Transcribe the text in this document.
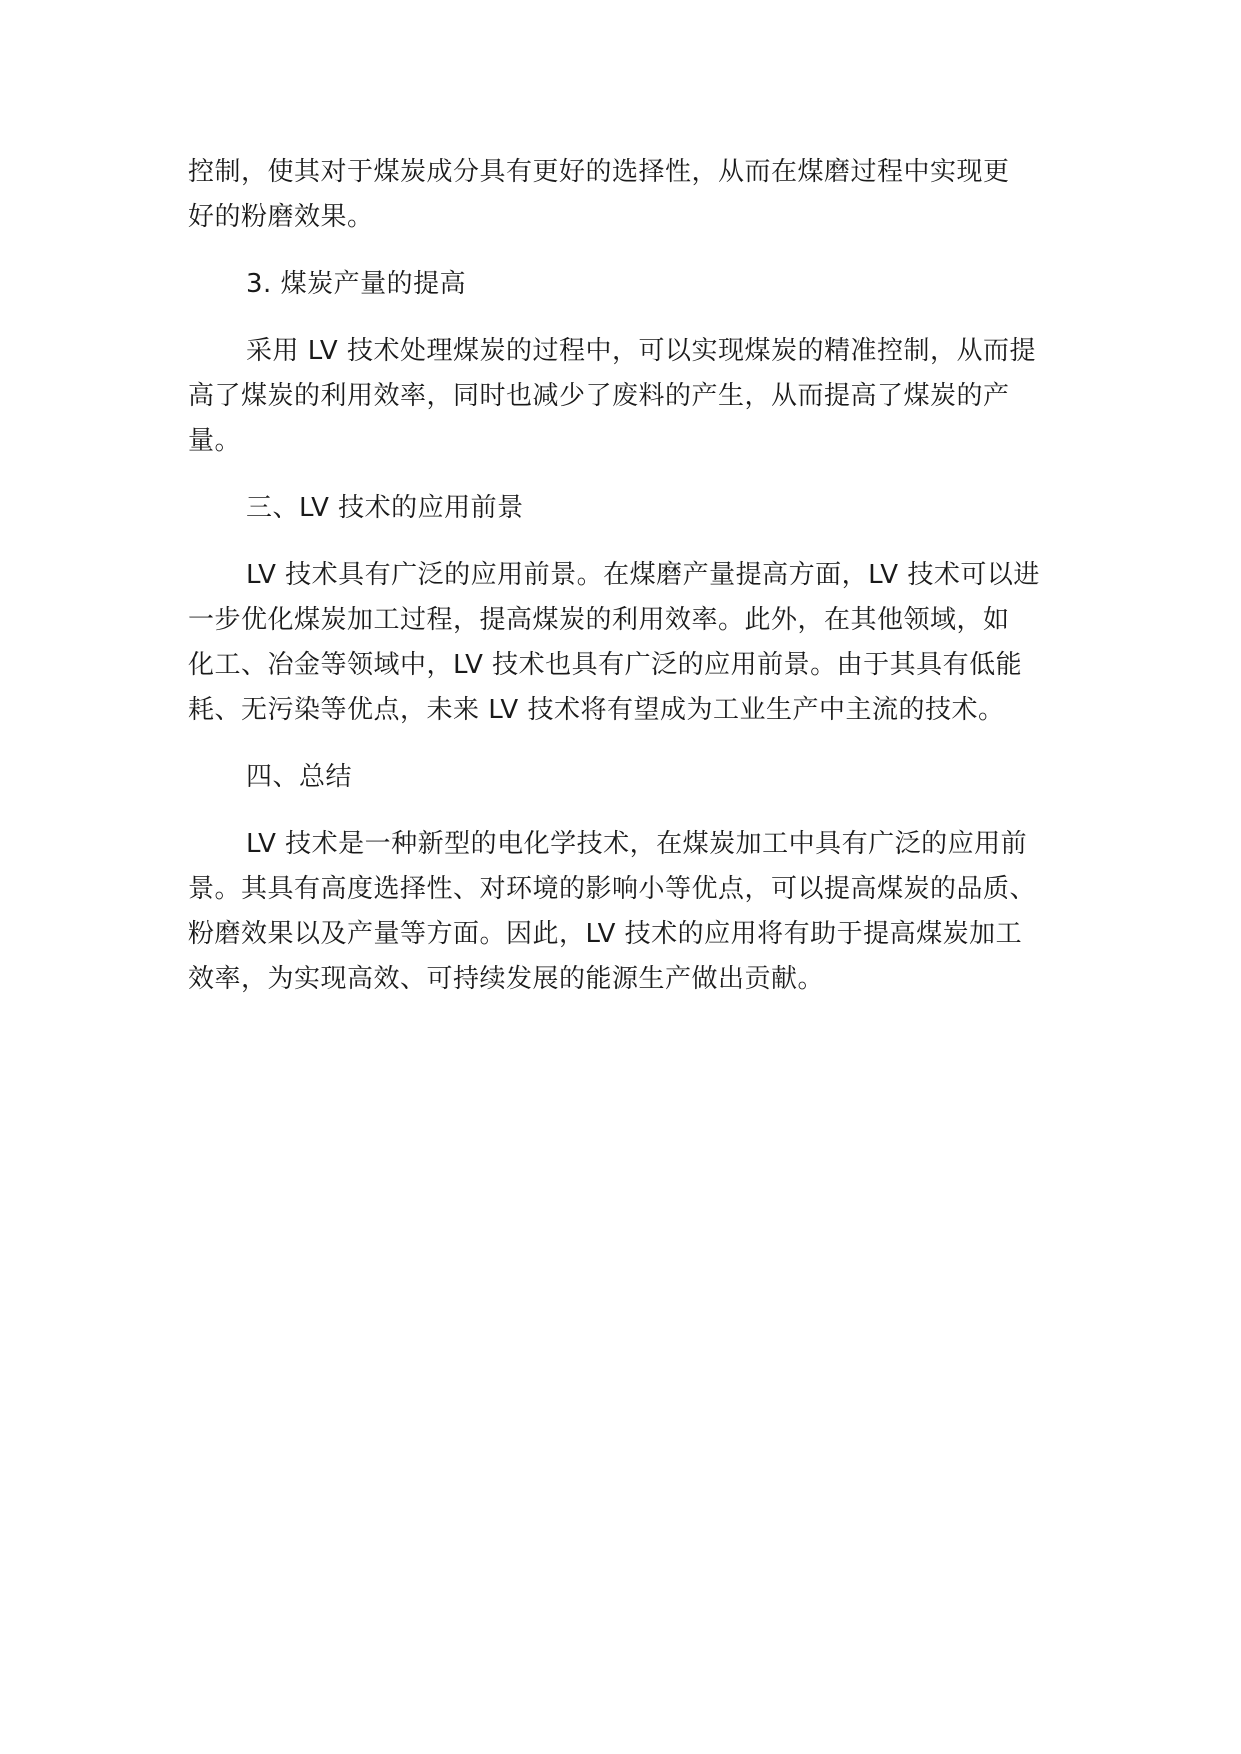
控制，使其对于煤炭成分具有更好的选择性，从而在煤磨过程中实现更
好的粉磨效果。
3. 煤炭产量的提高
采用 LV 技术处理煤炭的过程中，可以实现煤炭的精准控制，从而提
高了煤炭的利用效率，同时也减少了废料的产生，从而提高了煤炭的产
量。
三、LV 技术的应用前景
LV 技术具有广泛的应用前景。在煤磨产量提高方面，LV 技术可以进
一步优化煤炭加工过程，提高煤炭的利用效率。此外，在其他领域，如
化工、冶金等领域中，LV 技术也具有广泛的应用前景。由于其具有低能
耗、无污染等优点，未来 LV 技术将有望成为工业生产中主流的技术。
四、总结
LV 技术是一种新型的电化学技术，在煤炭加工中具有广泛的应用前
景。其具有高度选择性、对环境的影响小等优点，可以提高煤炭的品质、
粉磨效果以及产量等方面。因此，LV 技术的应用将有助于提高煤炭加工
效率，为实现高效、可持续发展的能源生产做出贡献。
